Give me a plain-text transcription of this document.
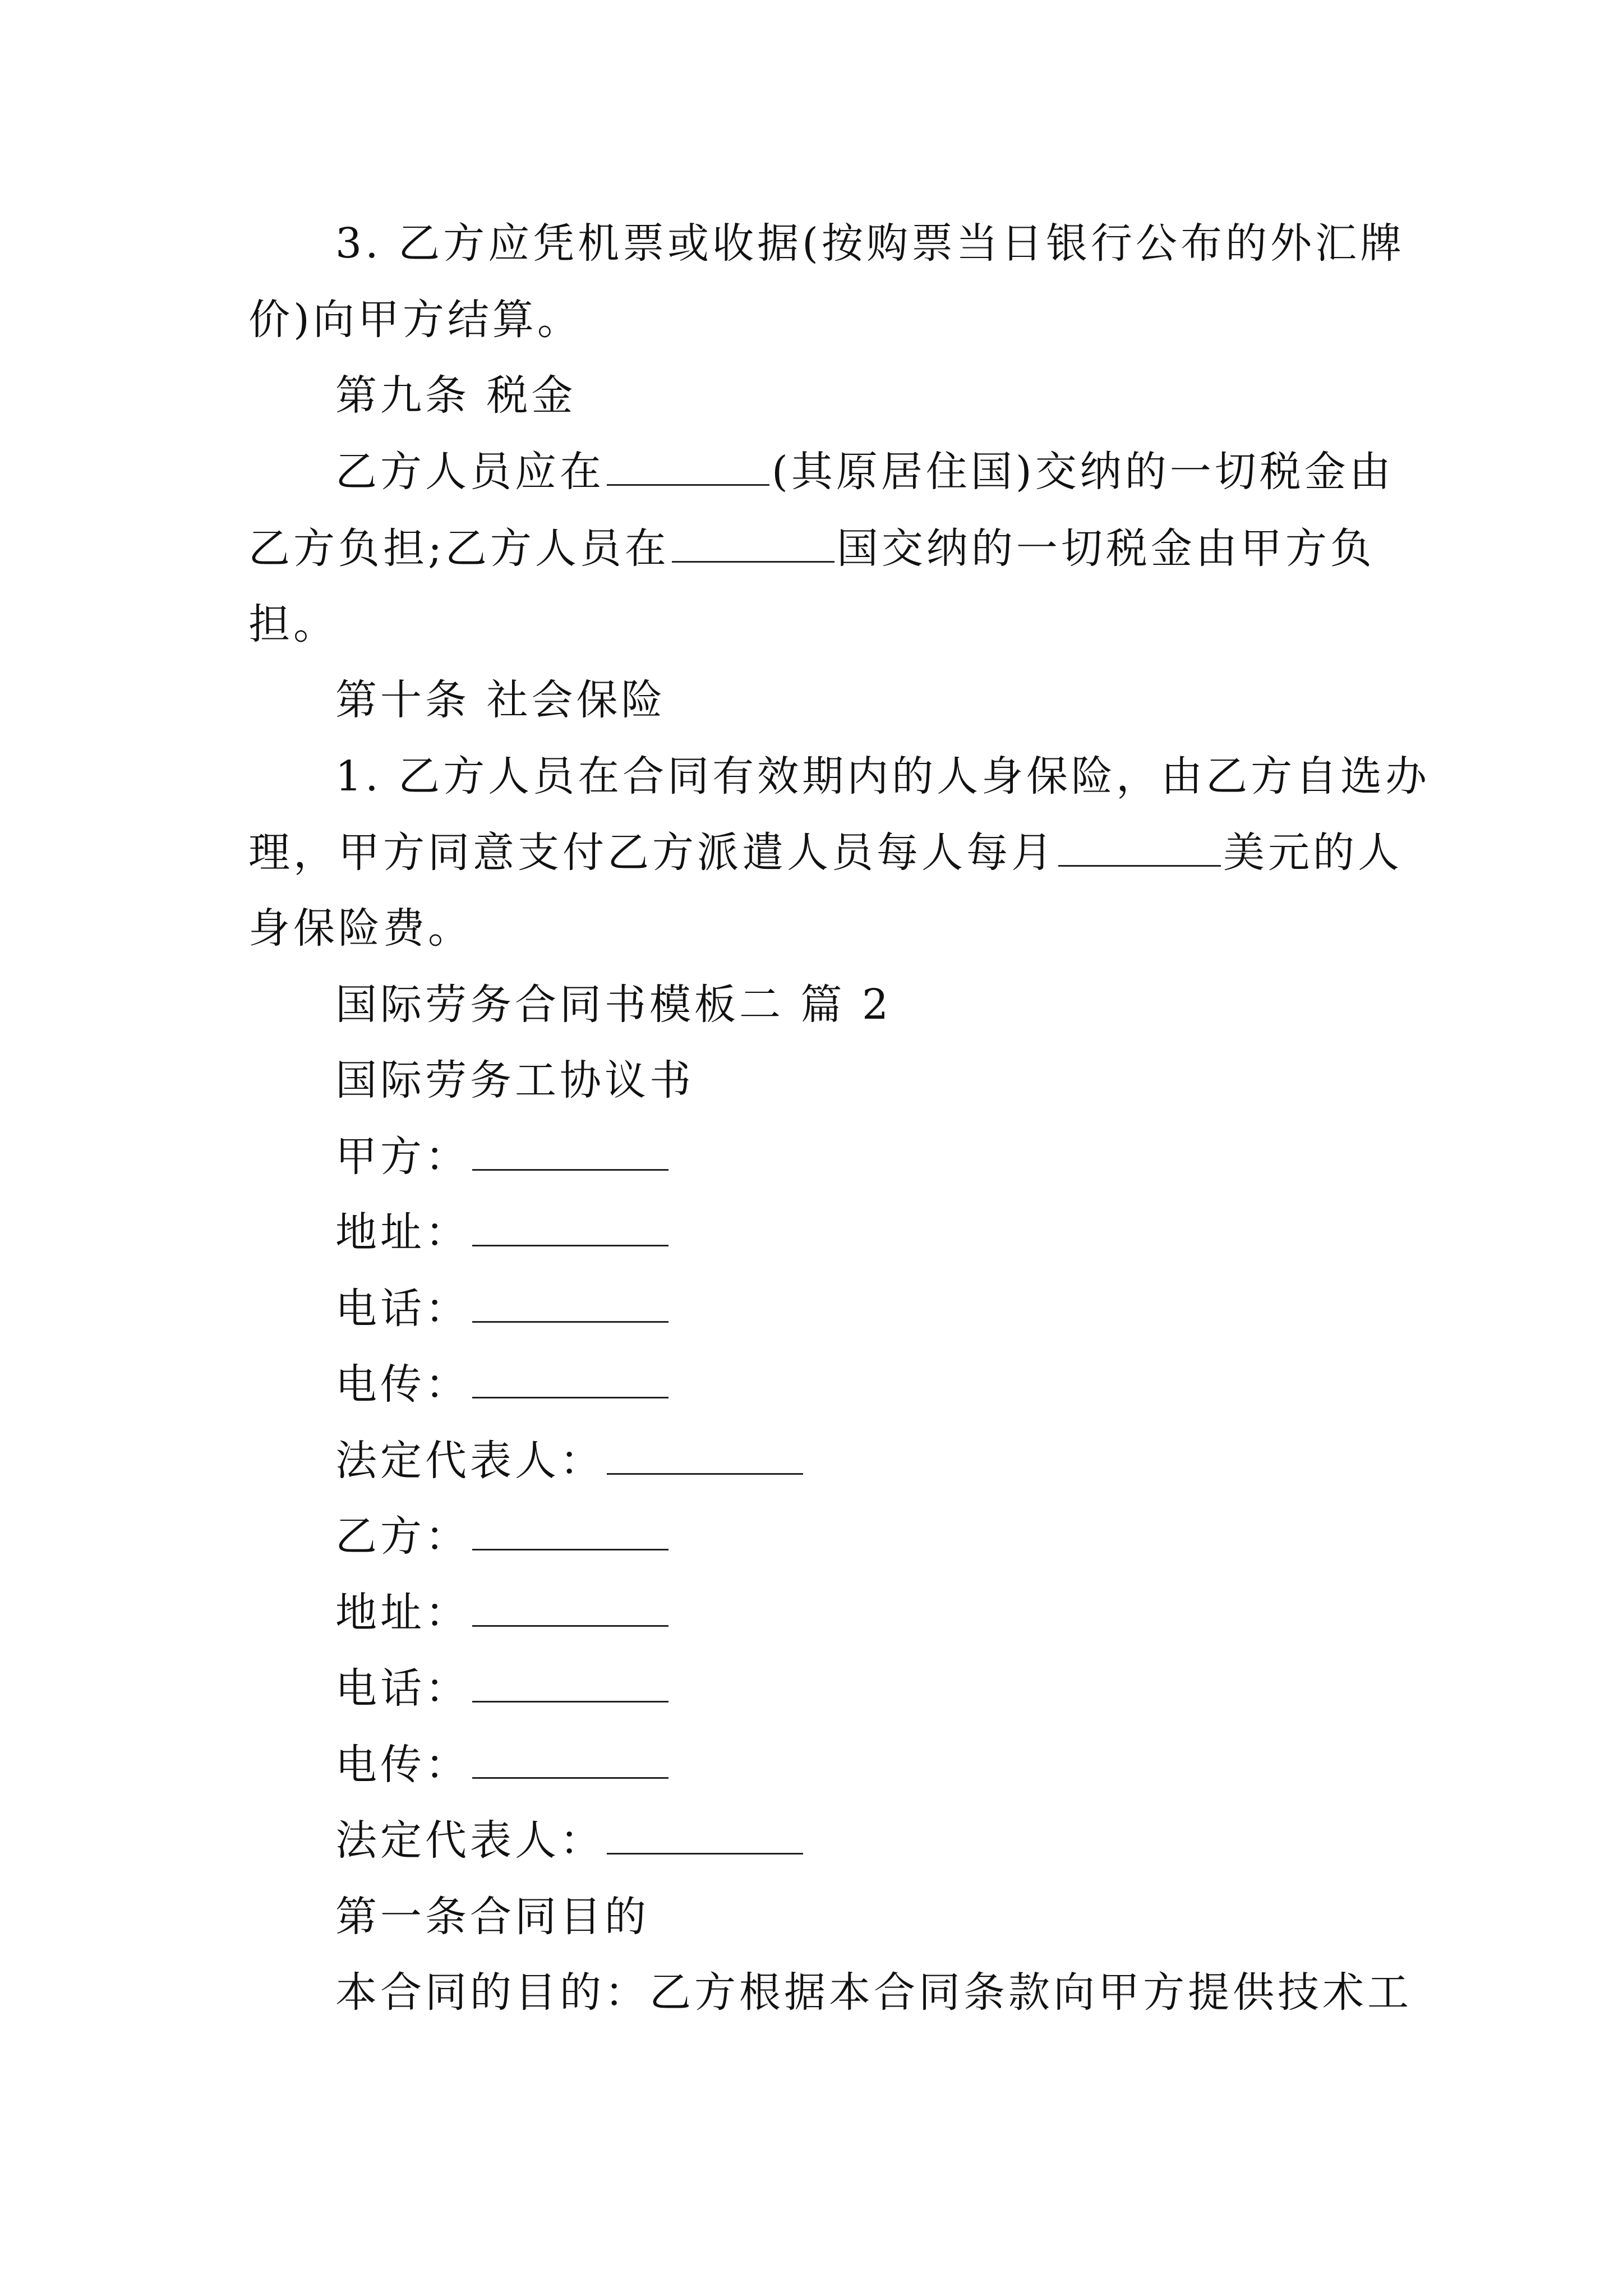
3. 乙方应凭机票或收据(按购票当日银行公布的外汇牌
价)向甲方结算。
第九条 税金
乙方人员应在	(其原居住国)交纳的一切税金由
乙方负担;乙方人员在	国交纳的一切税金由甲方负
担。
第十条 社会保险
1. 乙方人员在合同有效期内的人身保险，由乙方自选办
理，甲方同意支付乙方派遣人员每人每月	美元的人
身保险费。
国际劳务合同书模板二 篇 2
国际劳务工协议书
甲方：
地址：
电话：
电传：
法定代表人：
乙方：
地址：
电话：
电传：
法定代表人：
第一条合同目的
本合同的目的：乙方根据本合同条款向甲方提供技术工
